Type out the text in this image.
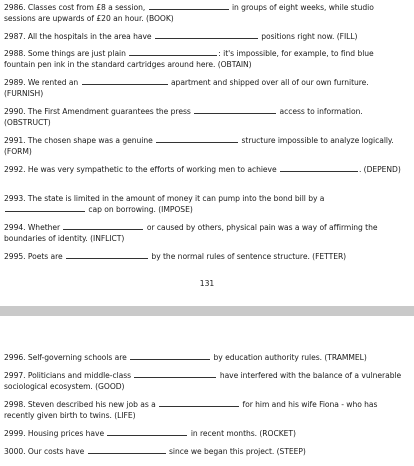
2986. Classes cost from £8 a session,	in groups of eight weeks, while studio sessions are upwards of £20 an hour. (BOOK)
2987. All the hospitals in the area have	positions right now. (FILL)
2988. Some things are just plain	: it's impossible, for example, to find blue fountain pen ink in the standard cartridges around here. (OBTAIN)
2989. We rented an	apartment and shipped over all of our own furniture. (FURNISH)
2990. The First Amendment guarantees the press	access to information. (OBSTRUCT)
2991. The chosen shape was a genuine	structure impossible to analyze logically. (FORM)
2992. He was very sympathetic to the efforts of working men to achieve	. (DEPEND)
2993. The state is limited in the amount of money it can pump into the bond bill by a  cap on borrowing. (IMPOSE)
2994. Whether	or caused by others, physical pain was a way of affirming the boundaries of identity. (INFLICT)
2995. Poets are	by the normal rules of sentence structure. (FETTER)
131
2996. Self-governing schools are	by education authority rules. (TRAMMEL)
2997. Politicians and middle-class	have interfered with the balance of a vulnerable sociological ecosystem. (GOOD)
2998. Steven described his new job as a	for him and his wife Fiona - who has recently given birth to twins. (LIFE)
2999. Housing prices have	in recent months. (ROCKET)
3000. Our costs have	since we began this project. (STEEP)
